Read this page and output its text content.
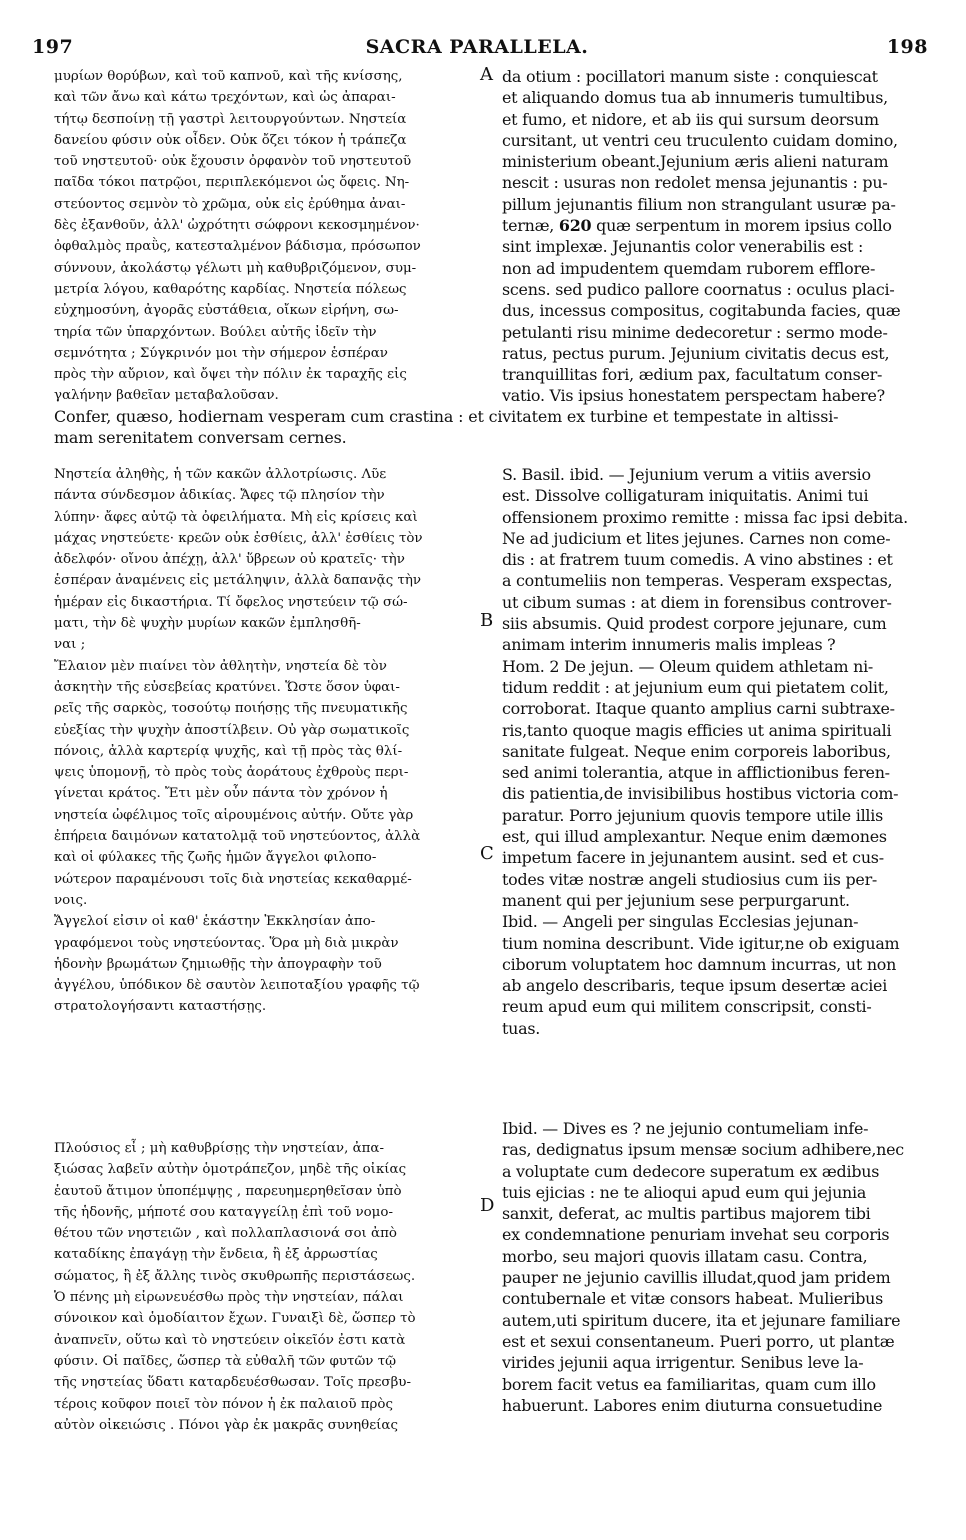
197	SACRA PARALLELA.	198
A
B
C
D
μυρίων θορύβων, καὶ τοῦ καπνοῦ, καὶ τῆς κνίσσης,
καὶ τῶν ἄνω καὶ κάτω τρεχόντων, καὶ ὡς ἀπαραι-
τήτῳ δεσποίνῃ τῇ γαστρὶ λειτουργούντων. Νηστεία
δανείου φύσιν οὐκ οἶδεν. Οὐκ ὄζει τόκον ἡ τράπεζα
τοῦ νηστευτοῦ· οὐκ ἔχουσιν ὀρφανὸν τοῦ νηστευτοῦ
παῖδα τόκοι πατρῷοι, περιπλεκόμενοι ὡς ὄφεις. Νη-
στεύοντος σεμνὸν τὸ χρῶμα, οὐκ εἰς ἐρύθημα ἀναι-
δὲς ἐξανθοῦν, ἀλλ' ὠχρότητι σώφρονι κεκοσμημένον·
ὀφθαλμὸς πραῢς, κατεσταλμένον βάδισμα, πρόσωπον
σύννουν, ἀκολάστῳ γέλωτι μὴ καθυβριζόμενον, συμ-
μετρία λόγου, καθαρότης καρδίας. Νηστεία πόλεως
εὐχημοσύνη, ἀγορᾶς εὐστάθεια, οἴκων εἰρήνη, σω-
τηρία τῶν ὑπαρχόντων. Βούλει αὐτῆς ἰδεῖν τὴν
σεμνότητα ; Σύγκρινόν μοι τὴν σήμερον ἑσπέραν
πρὸς τὴν αὔριον, καὶ ὄψει τὴν πόλιν ἐκ ταραχῆς εἰς
γαλήνην βαθεῖαν μεταβαλοῦσαν.
da otium : pocillatori manum siste : conquiescat
et aliquando domus tua ab innumeris tumultibus,
et fumo, et nidore, et ab iis qui sursum deorsum
cursitant, ut ventri ceu truculento cuidam domino,
ministerium obeant.Jejunium æris alieni naturam
nescit : usuras non redolet mensa jejunantis : pu-
pillum jejunantis filium non strangulant usuræ pa-
ternæ, 620 quæ serpentum in morem ipsius collo
sint implexæ. Jejunantis color venerabilis est :
non ad impudentem quemdam ruborem efflore-
scens. sed pudico pallore coornatus : oculus placi-
dus, incessus compositus, cogitabunda facies, quæ
petulanti risu minime dedecoretur : sermo mode-
ratus, pectus purum. Jejunium civitatis decus est,
tranquillitas fori, ædium pax, facultatum conser-
vatio. Vis ipsius honestatem perspectam habere?
Confer, quæso, hodiernam vesperam cum crastina : et civitatem ex turbine et tempestate in altissi-
mam serenitatem conversam cernes.
Νηστεία ἀληθὴς, ἡ τῶν κακῶν ἀλλοτρίωσις. Λῦε
πάντα σύνδεσμον ἀδικίας. Ἄφες τῷ πλησίον τὴν
λύπην· ἄφες αὐτῷ τὰ ὀφειλήματα. Μὴ εἰς κρίσεις καὶ
μάχας νηστεύετε· κρεῶν οὐκ ἐσθίεις, ἀλλ' ἐσθίεις τὸν
ἀδελφόν· οἴνου ἀπέχῃ, ἀλλ' ὕβρεων οὐ κρατεῖς· τὴν
ἑσπέραν ἀναμένεις εἰς μετάληψιν, ἀλλὰ δαπανᾷς τὴν
ἡμέραν εἰς δικαστήρια. Τί ὄφελος νηστεύειν τῷ σώ-
ματι, τὴν δὲ ψυχὴν μυρίων κακῶν ἐμπλησθῆ-
ναι ;
Ἔλαιον μὲν πιαίνει τὸν ἀθλητὴν, νηστεία δὲ τὸν
ἀσκητὴν τῆς εὐσεβείας κρατύνει. Ὥστε ὅσον ὑφαι-
ρεῖς τῆς σαρκὸς, τοσούτῳ ποιήσῃς τῆς πνευματικῆς
εὐεξίας τὴν ψυχὴν ἀποστίλβειν. Οὐ γὰρ σωματικοῖς
πόνοις, ἀλλὰ καρτερίᾳ ψυχῆς, καὶ τῇ πρὸς τὰς θλί-
ψεις ὑπομονῇ, τὸ πρὸς τοὺς ἀοράτους ἐχθροὺς περι-
γίνεται κράτος. Ἔτι μὲν οὖν πάντα τὸν χρόνον ἡ
νηστεία ὠφέλιμος τοῖς αἱρουμένοις αὐτήν. Οὔτε γὰρ
ἐπήρεια δαιμόνων κατατολμᾷ τοῦ νηστεύοντος, ἀλλὰ
καὶ οἱ φύλακες τῆς ζωῆς ἡμῶν ἄγγελοι φιλοπο-
νώτερον παραμένουσι τοῖς διὰ νηστείας κεκαθαρμέ-
νοις.
Ἄγγελοί εἰσιν οἱ καθ' ἑκάστην Ἐκκλησίαν ἀπο-
γραφόμενοι τοὺς νηστεύοντας. Ὅρα μὴ διὰ μικρὰν
ἡδονὴν βρωμάτων ζημιωθῇς τὴν ἀπογραφὴν τοῦ
ἀγγέλου, ὑπόδικον δὲ σαυτὸν λειποταξίου γραφῆς τῷ
στρατολογήσαντι καταστήσῃς.
S. Basil. ibid. — Jejunium verum a vitiis aversio
est. Dissolve colligaturam iniquitatis. Animi tui
offensionem proximo remitte : missa fac ipsi debita.
Ne ad judicium et lites jejunes. Carnes non come-
dis : at fratrem tuum comedis. A vino abstines : et
a contumeliis non temperas. Vesperam exspectas,
ut cibum sumas : at diem in forensibus controver-
siis absumis. Quid prodest corpore jejunare, cum
animam interim innumeris malis impleas ?
Hom. 2 De jejun. — Oleum quidem athletam ni-
tidum reddit : at jejunium eum qui pietatem colit,
corroborat. Itaque quanto amplius carni subtraxe-
ris,tanto quoque magis efficies ut anima spirituali
sanitate fulgeat. Neque enim corporeis laboribus,
sed animi tolerantia, atque in afflictionibus feren-
dis patientia,de invisibilibus hostibus victoria com-
paratur. Porro jejunium quovis tempore utile illis
est, qui illud amplexantur. Neque enim dæmones
impetum facere in jejunantem ausint. sed et cus-
todes vitæ nostræ angeli studiosius cum iis per-
manent qui per jejunium sese perpurgarunt.
Ibid. — Angeli per singulas Ecclesias jejunan-
tium nomina describunt. Vide igitur,ne ob exiguam
ciborum voluptatem hoc damnum incurras, ut non
ab angelo describaris, teque ipsum desertæ aciei
reum apud eum qui militem conscripsit, consti-
tuas.
Πλούσιος εἶ ; μὴ καθυβρίσῃς τὴν νηστείαν, ἀπα-
ξιώσας λαβεῖν αὐτὴν ὁμοτράπεζον, μηδὲ τῆς οἰκίας
ἑαυτοῦ ἄτιμον ὑποπέμψῃς , παρευημερηθεῖσαν ὑπὸ
τῆς ἡδονῆς, μήποτέ σου καταγγείλῃ ἐπὶ τοῦ νομο-
θέτου τῶν νηστειῶν , καὶ πολλαπλασιονά σοι ἀπὸ
καταδίκης ἐπαγάγῃ τὴν ἔνδεια, ἢ ἐξ ἀρρωστίας
σώματος, ἢ ἐξ ἄλλης τινὸς σκυθρωπῆς περιστάσεως.
Ὁ πένης μὴ εἰρωνευέσθω πρὸς τὴν νηστείαν, πάλαι
σύνοικον καὶ ὁμοδίαιτον ἔχων. Γυναιξὶ δὲ, ὥσπερ τὸ
ἀναπνεῖν, οὕτω καὶ τὸ νηστεύειν οἰκεῖόν ἐστι κατὰ
φύσιν. Οἱ παῖδες, ὥσπερ τὰ εὐθαλῆ τῶν φυτῶν τῷ
τῆς νηστείας ὕδατι καταρδευέσθωσαν. Τοῖς πρεσβυ-
τέροις κοῦφον ποιεῖ τὸν πόνον ἡ ἐκ παλαιοῦ πρὸς
αὐτὸν οἰκειώσις . Πόνοι γὰρ ἐκ μακρᾶς συνηθείας
Ibid. — Dives es ? ne jejunio contumeliam infe-
ras, dedignatus ipsum mensæ socium adhibere,nec
a voluptate cum dedecore superatum ex ædibus
tuis ejicias : ne te alioqui apud eum qui jejunia
sanxit, deferat, ac multis partibus majorem tibi
ex condemnatione penuriam invehat seu corporis
morbo, seu majori quovis illatam casu. Contra,
pauper ne jejunio cavillis illudat,quod jam pridem
contubernale et vitæ consors habeat. Mulieribus
autem,uti spiritum ducere, ita et jejunare familiare
est et sexui consentaneum. Pueri porro, ut plantæ
virides jejunii aqua irrigentur. Senibus leve la-
borem facit vetus ea familiaritas, quam cum illo
habuerunt. Labores enim diuturna consuetudine
